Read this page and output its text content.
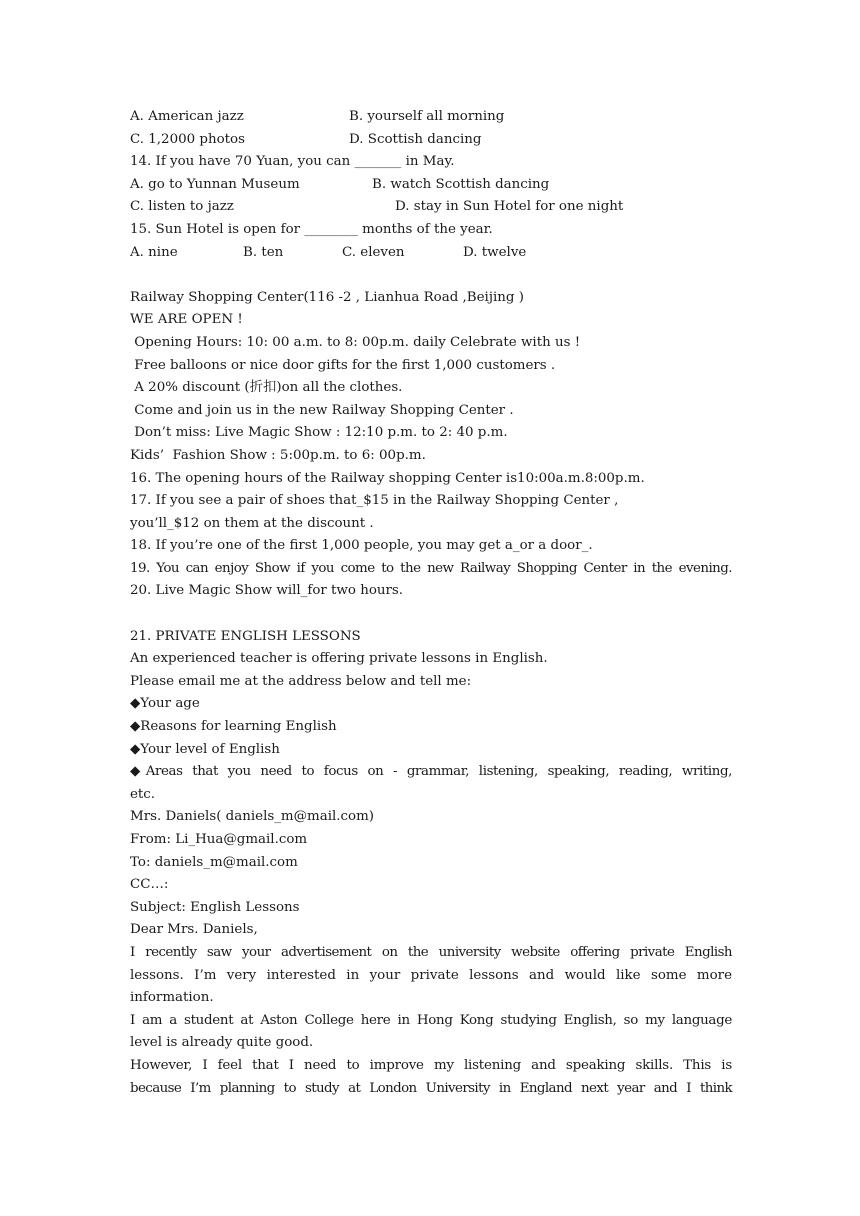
A. American jazz	B. yourself all morning
C. 1,2000 photos	D. Scottish dancing
14. If you have 70 Yuan, you can _______ in May.
A. go to Yunnan Museum	B. watch Scottish dancing
C. listen to jazz	D. stay in Sun Hotel for one night
15. Sun Hotel is open for ________ months of the year.
A. nine	B. ten	C. eleven	D. twelve
Railway Shopping Center(116 -2 , Lianhua Road ,Beijing )
WE ARE OPEN !
Opening Hours: 10: 00 a.m. to 8: 00p.m. daily Celebrate with us !
Free balloons or nice door gifts for the first 1,000 customers .
A 20% discount (折扣)on all the clothes.
Come and join us in the new Railway Shopping Center .
Don’t miss: Live Magic Show : 12:10 p.m. to 2: 40 p.m.
Kids’  Fashion Show : 5:00p.m. to 6: 00p.m.
16. The opening hours of the Railway shopping Center is10:00a.m.8:00p.m.
17. If you see a pair of shoes that_$15 in the Railway Shopping Center ,
you’ll_$12 on them at the discount .
18. If you’re one of the first 1,000 people, you may get a_or a door_.
19. You can enjoy Show if you come to the new Railway Shopping Center in the evening.
20. Live Magic Show will_for two hours.
21. PRIVATE ENGLISH LESSONS
An experienced teacher is offering private lessons in English.
Please email me at the address below and tell me:
◆Your age
◆Reasons for learning English
◆Your level of English
◆Areas that you need to focus on - grammar, listening, speaking, reading, writing,
etc.
Mrs. Daniels( daniels_m@mail.com)
From: Li_Hua@gmail.com
To: daniels_m@mail.com
CC…:
Subject: English Lessons
Dear Mrs. Daniels,
I recently saw your advertisement on the university website offering private English
lessons. I’m very interested in your private lessons and would like some more
information.
I am a student at Aston College here in Hong Kong studying English, so my language
level is already quite good.
However, I feel that I need to improve my listening and speaking skills. This is
because I’m planning to study at London University in England next year and I think
